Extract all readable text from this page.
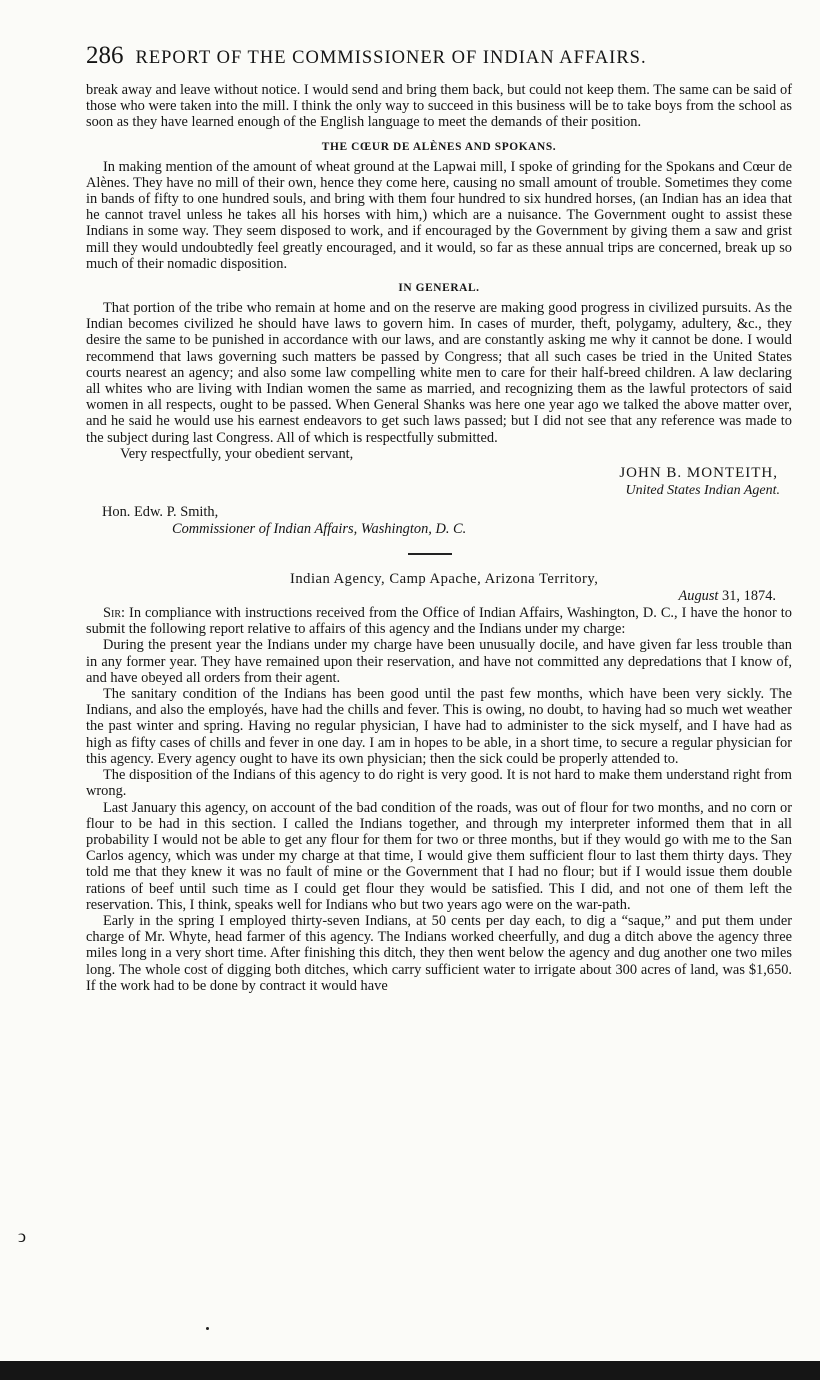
286 REPORT OF THE COMMISSIONER OF INDIAN AFFAIRS.

break away and leave without notice. I would send and bring them back, but could not keep them. The same can be said of those who were taken into the mill. I think the only way to succeed in this business will be to take boys from the school as soon as they have learned enough of the English language to meet the demands of their position.

THE CŒUR DE ALÈNES AND SPOKANS.

In making mention of the amount of wheat ground at the Lapwai mill, I spoke of grinding for the Spokans and Cœur de Alènes. They have no mill of their own, hence they come here, causing no small amount of trouble. Sometimes they come in bands of fifty to one hundred souls, and bring with them four hundred to six hundred horses, (an Indian has an idea that he cannot travel unless he takes all his horses with him,) which are a nuisance. The Government ought to assist these Indians in some way. They seem disposed to work, and if encouraged by the Government by giving them a saw and grist mill they would undoubtedly feel greatly encouraged, and it would, so far as these annual trips are concerned, break up so much of their nomadic disposition.

IN GENERAL.

That portion of the tribe who remain at home and on the reserve are making good progress in civilized pursuits. As the Indian becomes civilized he should have laws to govern him. In cases of murder, theft, polygamy, adultery, &c., they desire the same to be punished in accordance with our laws, and are constantly asking me why it cannot be done. I would recommend that laws governing such matters be passed by Congress; that all such cases be tried in the United States courts nearest an agency; and also some law compelling white men to care for their half-breed children. A law declaring all whites who are living with Indian women the same as married, and recognizing them as the lawful protectors of said women in all respects, ought to be passed. When General Shanks was here one year ago we talked the above matter over, and he said he would use his earnest endeavors to get such laws passed; but I did not see that any reference was made to the subject during last Congress. All of which is respectfully submitted.

Very respectfully, your obedient servant,
JOHN B. MONTEITH,
United States Indian Agent.
Hon. Edw. P. Smith,
Commissioner of Indian Affairs, Washington, D. C.
Indian Agency, Camp Apache, Arizona Territory,
August 31, 1874.

Sir: In compliance with instructions received from the Office of Indian Affairs, Washington, D. C., I have the honor to submit the following report relative to affairs of this agency and the Indians under my charge:

During the present year the Indians under my charge have been unusually docile, and have given far less trouble than in any former year. They have remained upon their reservation, and have not committed any depredations that I know of, and have obeyed all orders from their agent.

The sanitary condition of the Indians has been good until the past few months, which have been very sickly. The Indians, and also the employés, have had the chills and fever. This is owing, no doubt, to having had so much wet weather the past winter and spring. Having no regular physician, I have had to administer to the sick myself, and I have had as high as fifty cases of chills and fever in one day. I am in hopes to be able, in a short time, to secure a regular physician for this agency. Every agency ought to have its own physician; then the sick could be properly attended to.

The disposition of the Indians of this agency to do right is very good. It is not hard to make them understand right from wrong.

Last January this agency, on account of the bad condition of the roads, was out of flour for two months, and no corn or flour to be had in this section. I called the Indians together, and through my interpreter informed them that in all probability I would not be able to get any flour for them for two or three months, but if they would go with me to the San Carlos agency, which was under my charge at that time, I would give them sufficient flour to last them thirty days. They told me that they knew it was no fault of mine or the Government that I had no flour; but if I would issue them double rations of beef until such time as I could get flour they would be satisfied. This I did, and not one of them left the reservation. This, I think, speaks well for Indians who but two years ago were on the war-path.

Early in the spring I employed thirty-seven Indians, at 50 cents per day each, to dig a “saque,” and put them under charge of Mr. Whyte, head farmer of this agency. The Indians worked cheerfully, and dug a ditch above the agency three miles long in a very short time. After finishing this ditch, they then went below the agency and dug another one two miles long. The whole cost of digging both ditches, which carry sufficient water to irrigate about 300 acres of land, was $1,650. If the work had to be done by contract it would have

ↄ
